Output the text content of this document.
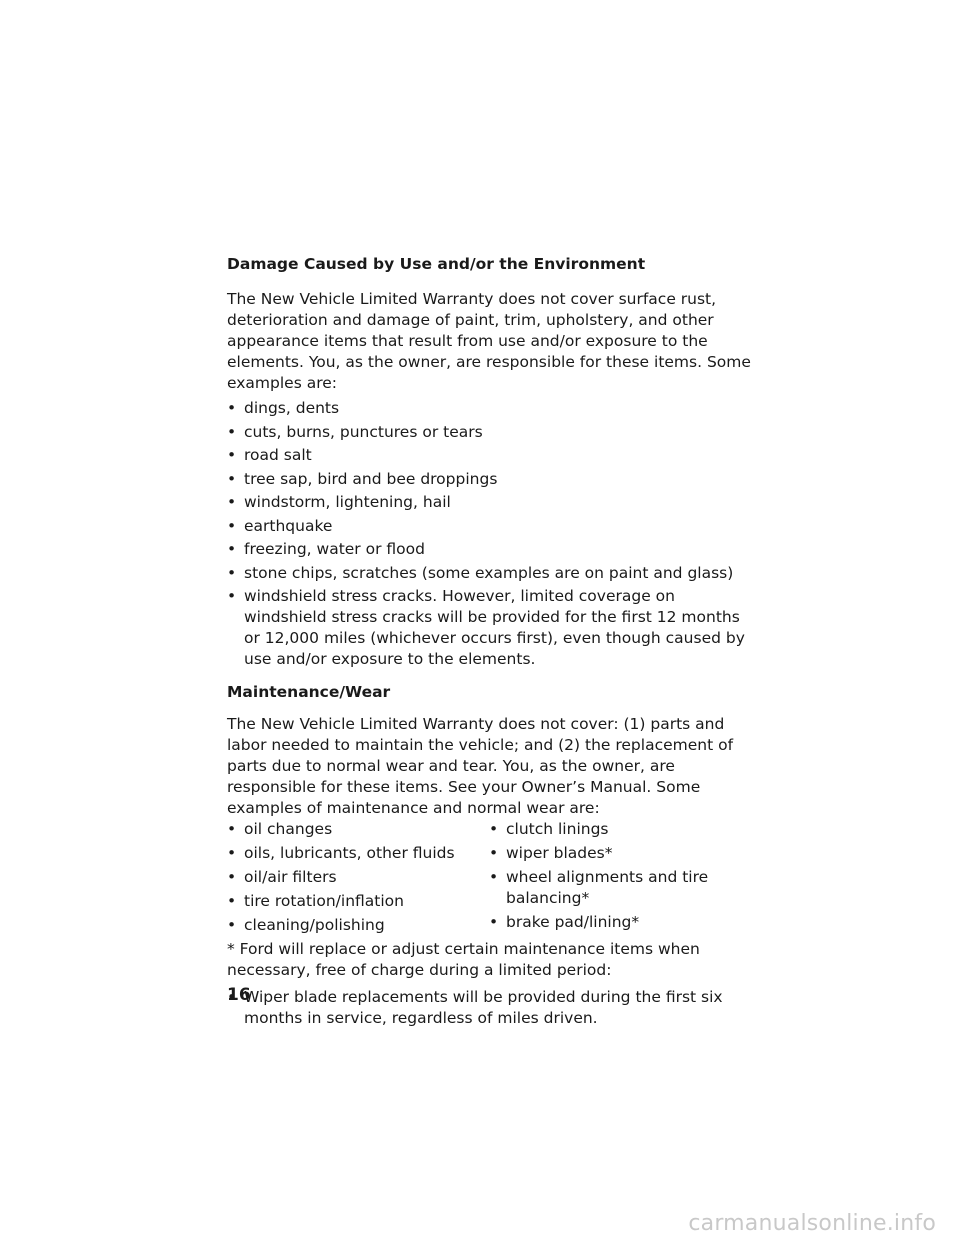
Damage Caused by Use and/or the Environment
The New Vehicle Limited Warranty does not cover surface rust, deterioration and damage of paint, trim, upholstery, and other appearance items that result from use and/or exposure to the elements. You, as the owner, are responsible for these items. Some examples are:
• dings, dents
• cuts, burns, punctures or tears
• road salt
• tree sap, bird and bee droppings
• windstorm, lightening, hail
• earthquake
• freezing, water or flood
• stone chips, scratches (some examples are on paint and glass)
• windshield stress cracks. However, limited coverage on windshield stress cracks will be provided for the first 12 months or 12,000 miles (whichever occurs first), even though caused by use and/or exposure to the elements.
Maintenance/Wear
The New Vehicle Limited Warranty does not cover: (1) parts and labor needed to maintain the vehicle; and (2) the replacement of parts due to normal wear and tear. You, as the owner, are responsible for these items. See your Owner’s Manual. Some examples of maintenance and normal wear are:
• oil changes
• oils, lubricants, other fluids
• oil/air filters
• tire rotation/inflation
• cleaning/polishing
• clutch linings
• wiper blades*
• wheel alignments and tire balancing*
• brake pad/lining*
* Ford will replace or adjust certain maintenance items when necessary, free of charge during a limited period:
• Wiper blade replacements will be provided during the first six months in service, regardless of miles driven.
16
carmanualsonline.info
